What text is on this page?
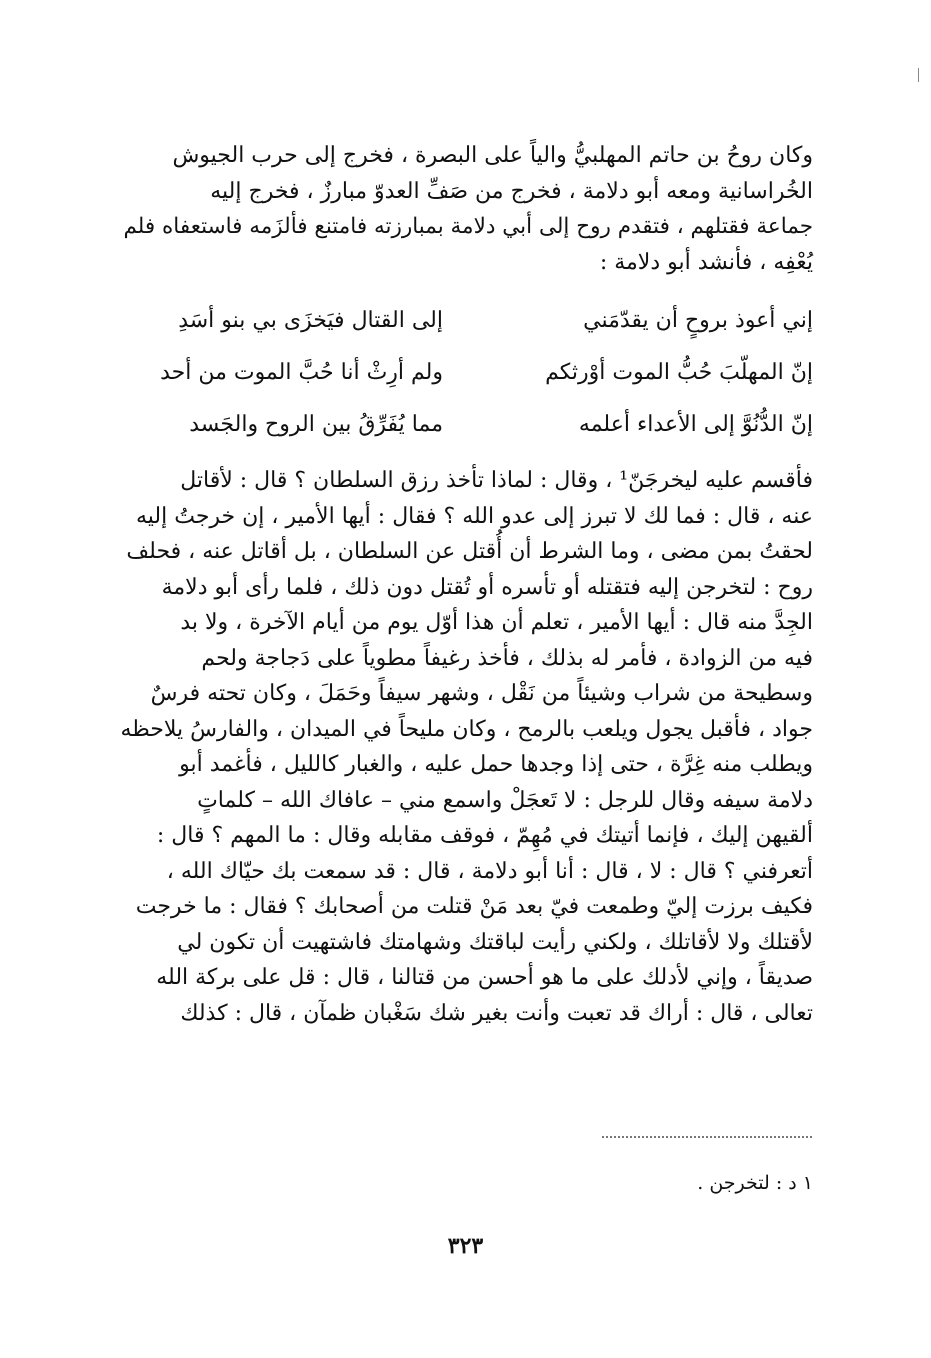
وكان روحُ بن حاتم المهلبيُّ والياً على البصرة ، فخرج إلى حرب الجيوش
الخُراسانية ومعه أبو دلامة ، فخرج من صَفِّ العدوّ مبارزٌ ، فخرج إليه
جماعة فقتلهم ، فتقدم روح إلى أبي دلامة بمبارزته فامتنع فألزَمه فاستعفاه فلم
يُعْفِه ، فأنشد أبو دلامة :
إني أعوذ بروحٍ أن يقدّمَني
إلى القتال فيَخزَى بي بنو أسَدِ
إنّ المهلّبَ حُبُّ الموت أوْرثكم
ولم أرِثْ أنا حُبَّ الموت من أحد
إنّ الدُّنُوَّ إلى الأعداء أعلمه
مما يُفَرِّقُ بين الروح والجَسد
فأقسم عليه ليخرجَنّ¹ ، وقال : لماذا تأخذ رزق السلطان ؟ قال : لأقاتل
عنه ، قال : فما لك لا تبرز إلى عدو الله ؟ فقال : أيها الأمير ، إن خرجتُ إليه
لحقتُ بمن مضى ، وما الشرط أن أُقتل عن السلطان ، بل أقاتل عنه ، فحلف
روح : لتخرجن إليه فتقتله أو تأسره أو تُقتل دون ذلك ، فلما رأى أبو دلامة
الجِدَّ منه قال : أيها الأمير ، تعلم أن هذا أوّل يوم من أيام الآخرة ، ولا بد
فيه من الزوادة ، فأمر له بذلك ، فأخذ رغيفاً مطوياً على دَجاجة ولحم
وسطيحة من شراب وشيئاً من نَقْل ، وشهر سيفاً وحَمَلَ ، وكان تحته فرسٌ
جواد ، فأقبل يجول ويلعب بالرمح ، وكان مليحاً في الميدان ، والفارسُ يلاحظه
ويطلب منه غِرَّة ، حتى إذا وجدها حمل عليه ، والغبار كالليل ، فأغمد أبو
دلامة سيفه وقال للرجل : لا تَعجَلْ واسمع مني – عافاك الله – كلماتٍ
ألقيهن إليك ، فإنما أتيتك في مُهِمّ ، فوقف مقابله وقال : ما المهم ؟ قال :
أتعرفني ؟ قال : لا ، قال : أنا أبو دلامة ، قال : قد سمعت بك حيّاك الله ،
فكيف برزت إليّ وطمعت فيّ بعد مَنْ قتلت من أصحابك ؟ فقال : ما خرجت
لأقتلك ولا لأقاتلك ، ولكني رأيت لباقتك وشهامتك فاشتهيت أن تكون لي
صديقاً ، وإني لأدلك على ما هو أحسن من قتالنا ، قال : قل على بركة الله
تعالى ، قال : أراك قد تعبت وأنت بغير شك سَغْبان ظمآن ، قال : كذلك
١ د : لتخرجن .
٣٢٣
